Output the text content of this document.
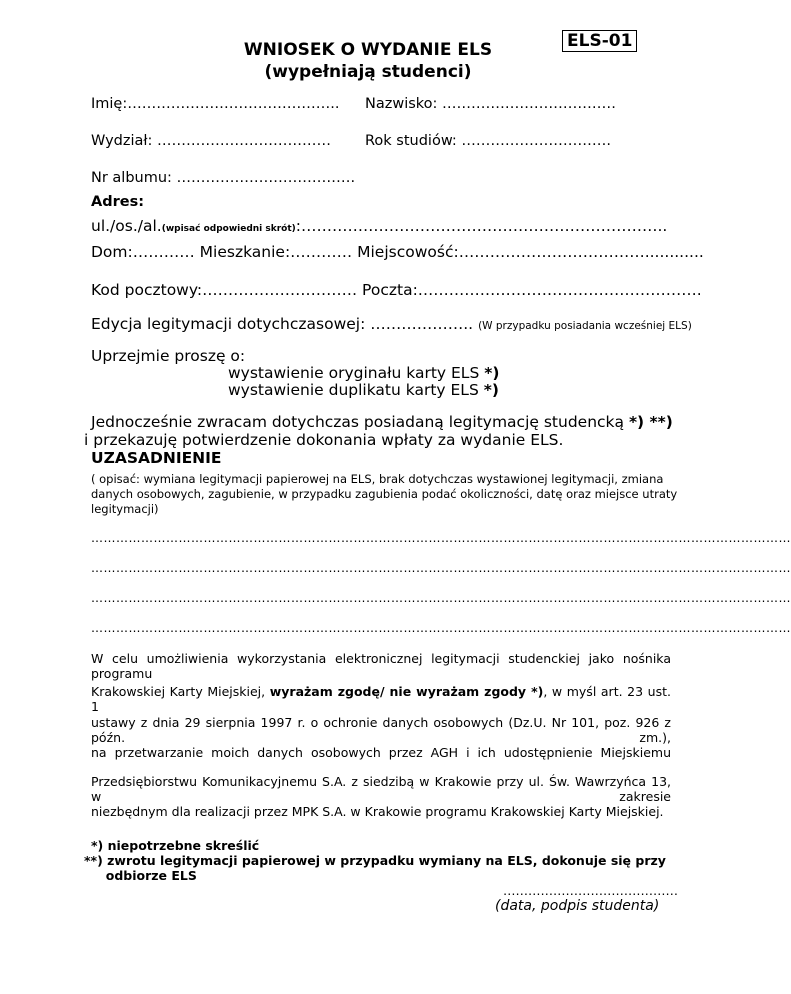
WNIOSEK O WYDANIE ELS
(wypełniają studenci)
ELS-01
Imię:…………………………………….. Nazwisko: ………………………………
Wydział: ……………………………… Rok studiów: ………………………….
Nr albumu: ……………………………….
Adres:
ul./os./al.(wpisać odpowiedni skrót):……………………………………………………………..
Dom:………… Mieszkanie:………… Miejscowość:………………………………............
Kod pocztowy:………………………… Poczta:……………………………………………….
Edycja legitymacji dotychczasowej: ……………….. (W przypadku posiadania wcześniej ELS)
Uprzejmie proszę o:
wystawienie oryginału karty ELS *)
wystawienie duplikatu karty ELS *)
Jednocześnie zwracam dotychczas posiadaną legitymację studencką *) **)
i przekazuję potwierdzenie dokonania wpłaty za wydanie ELS.
UZASADNIENIE
( opisać: wymiana legitymacji papierowej na ELS, brak dotychczas wystawionej legitymacji, zmiana
danych osobowych, zagubienie, w przypadku zagubienia podać okoliczności, datę oraz miejsce utraty
legitymacji)
……………………………………………………………………………………………………………………………………………………
……………………………………………………………………………………………………………………………………………………
……………………………………………………………………………………………………………………………………………………
……………………………………………………………………………………………………………………………………………………
W celu umożliwienia wykorzystania elektronicznej legitymacji studenckiej jako nośnika programu
Krakowskiej Karty Miejskiej, wyrażam zgodę/ nie wyrażam zgody *), w myśl art. 23 ust. 1
ustawy z dnia 29 sierpnia 1997 r. o ochronie danych osobowych (Dz.U. Nr 101, poz. 926 z późn. zm.),
na przetwarzanie moich danych osobowych przez AGH i ich udostępnienie Miejskiemu
Przedsiębiorstwu Komunikacyjnemu S.A. z siedzibą w Krakowie przy ul. Św. Wawrzyńca 13, w zakresie
niezbędnym dla realizacji przez MPK S.A. w Krakowie programu Krakowskiej Karty Miejskiej.
*) niepotrzebne skreślić
**) zwrotu legitymacji papierowej w przypadku wymiany na ELS, dokonuje się przy
odbiorze ELS
……………………………………
(data, podpis studenta)
